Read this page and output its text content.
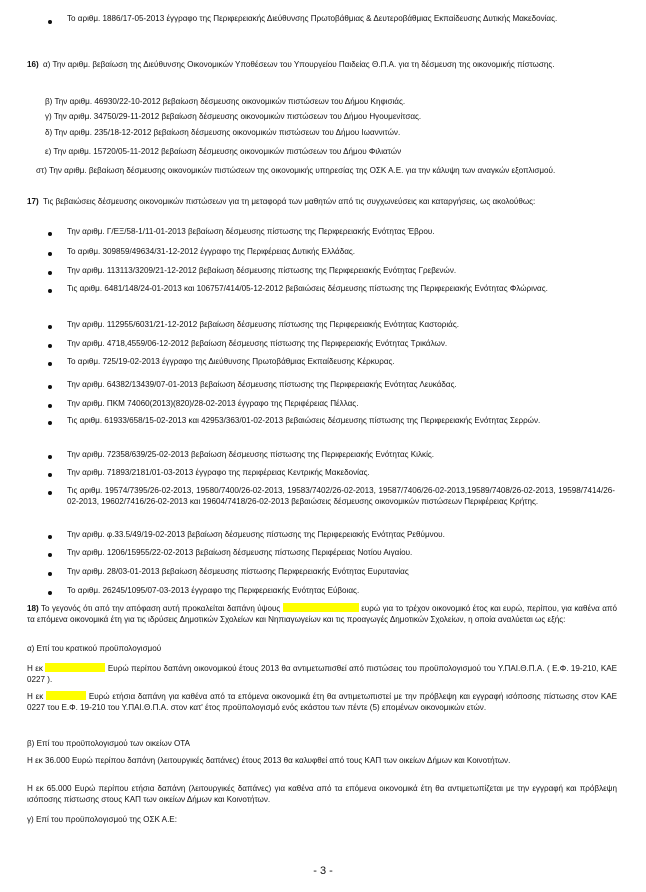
Το αριθμ. 1886/17-05-2013 έγγραφο της Περιφερειακής Διεύθυνσης Πρωτοβάθμιας & Δευτεροβάθμιας Εκπαίδευσης Δυτικής Μακεδονίας.
16) α) Την αριθμ. βεβαίωση της Διεύθυνσης Οικονομικών Υποθέσεων του Υπουργείου Παιδείας Θ.Π.Α. για τη δέσμευση της οικονομικής πίστωσης.
β) Την αριθμ. 46930/22-10-2012 βεβαίωση δέσμευσης οικονομικών πιστώσεων του Δήμου Κηφισιάς.
γ) Την αριθμ. 34750/29-11-2012 βεβαίωση δέσμευσης οικονομικών πιστώσεων του Δήμου Ηγουμενίτσας.
δ) Την αριθμ. 235/18-12-2012 βεβαίωση δέσμευσης οικονομικών πιστώσεων του Δήμου Ιωαννιτών.
ε) Την αριθμ. 15720/05-11-2012 βεβαίωση δέσμευσης οικονομικών πιστώσεων του Δήμου Φιλιατών
στ) Την αριθμ. βεβαίωση δέσμευσης οικονομικών πιστώσεων της οικονομικής υπηρεσίας της ΟΣΚ Α.Ε. για την κάλυψη των αναγκών εξοπλισμού.
17) Τις βεβαιώσεις δέσμευσης οικονομικών πιστώσεων για τη μεταφορά των μαθητών από τις συγχωνεύσεις και καταργήσεις, ως ακολούθως:
Την αριθμ. Γ/ΕΞ/58-1/11-01-2013 βεβαίωση δέσμευσης πίστωσης της Περιφερειακής Ενότητας Έβρου.
Το αριθμ. 309859/49634/31-12-2012 έγγραφο της Περιφέρειας Δυτικής Ελλάδας.
Την αριθμ. 113113/3209/21-12-2012 βεβαίωση δέσμευσης πίστωσης της Περιφερειακής Ενότητας Γρεβενών.
Τις αριθμ. 6481/148/24-01-2013 και 106757/414/05-12-2012 βεβαιώσεις δέσμευσης πίστωσης της Περιφερειακής Ενότητας Φλώρινας.
Την αριθμ. 112955/6031/21-12-2012 βεβαίωση δέσμευσης πίστωσης της Περιφερειακής Ενότητας Καστοριάς.
Την αριθμ. 4718,4559/06-12-2012 βεβαίωση δέσμευσης πίστωσης της Περιφερειακής Ενότητας Τρικάλων.
Το αριθμ. 725/19-02-2013 έγγραφο της Διεύθυνσης Πρωτοβάθμιας Εκπαίδευσης Κέρκυρας.
Την αριθμ. 64382/13439/07-01-2013 βεβαίωση δέσμευσης πίστωσης της Περιφερειακής Ενότητας Λευκάδας.
Την αριθμ. ΠΚΜ 74060(2013)(820)/28-02-2013 έγγραφο της Περιφέρειας Πέλλας.
Τις αριθμ. 61933/658/15-02-2013 και 42953/363/01-02-2013 βεβαιώσεις δέσμευσης πίστωσης της Περιφερειακής Ενότητας Σερρών.
Την αριθμ. 72358/639/25-02-2013 βεβαίωση δέσμευσης πίστωσης της Περιφερειακής Ενότητας Κιλκίς.
Την αριθμ. 71893/2181/01-03-2013 έγγραφο της περιφέρειας Κεντρικής Μακεδονίας.
Τις αριθμ. 19574/7395/26-02-2013, 19580/7400/26-02-2013, 19583/7402/26-02-2013, 19587/7406/26-02-2013,19589/7408/26-02-2013, 19598/7414/26-02-2013, 19602/7416/26-02-2013 και 19604/7418/26-02-2013 βεβαιώσεις δέσμευσης οικονομικών πιστώσεων Περιφέρειας Κρήτης.
Την αριθμ. φ.33.5/49/19-02-2013 βεβαίωση δέσμευσης πίστωσης της Περιφερειακής Ενότητας Ρεθύμνου.
Την αριθμ. 1206/15955/22-02-2013 βεβαίωση δέσμευσης πίστωσης Περιφέρειας Νοτίου Αιγαίου.
Την αριθμ. 28/03-01-2013 βεβαίωση δέσμευσης πίστωσης Περιφερειακής Ενότητας Ευρυτανίας
Το αριθμ. 26245/1095/07-03-2013 έγγραφο της Περιφερειακής Ενότητας Εύβοιας.
18) Το γεγονός ότι από την απόφαση αυτή προκαλείται δαπάνη ύψους	ευρώ για το τρέχον οικονομικό έτος και ευρώ, περίπου, για καθένα από τα επόμενα οικονομικά έτη για τις ιδρύσεις Δημοτικών Σχολείων και Νηπιαγωγείων και τις προαγωγές Δημοτικών Σχολείων, η οποία αναλύεται ως εξής:
α) Επί του κρατικού προϋπολογισμού
Η εκ	Ευρώ περίπου δαπάνη οικονομικού έτους 2013 θα αντιμετωπισθεί από πιστώσεις του προϋπολογισμού του Υ.ΠΑΙ.Θ.Π.Α. ( Ε.Φ. 19-210, ΚΑΕ 0227 ).
Η εκ	Ευρώ ετήσια δαπάνη για καθένα από τα επόμενα οικονομικά έτη θα αντιμετωπιστεί με την πρόβλεψη και εγγραφή ισόποσης πίστωσης στον ΚΑΕ 0227 του Ε.Φ. 19-210 του Υ.ΠΑΙ.Θ.Π.Α. στον κατ' έτος προϋπολογισμό ενός εκάστου των πέντε (5) επομένων οικονομικών ετών.
β) Επί του προϋπολογισμού των οικείων ΟΤΑ
Η εκ 36.000 Ευρώ περίπου δαπάνη (λειτουργικές δαπάνες) έτους 2013 θα καλυφθεί από τους ΚΑΠ των οικείων Δήμων και Κοινοτήτων.
Η εκ 65.000 Ευρώ περίπου ετήσια δαπάνη (λειτουργικές δαπάνες) για καθένα από τα επόμενα οικονομικά έτη θα αντιμετωπίζεται με την εγγραφή και πρόβλεψη ισόποσης πίστωσης στους ΚΑΠ των οικείων Δήμων και Κοινοτήτων.
γ) Επί του προϋπολογισμού της ΟΣΚ Α.Ε:
- 3 -
